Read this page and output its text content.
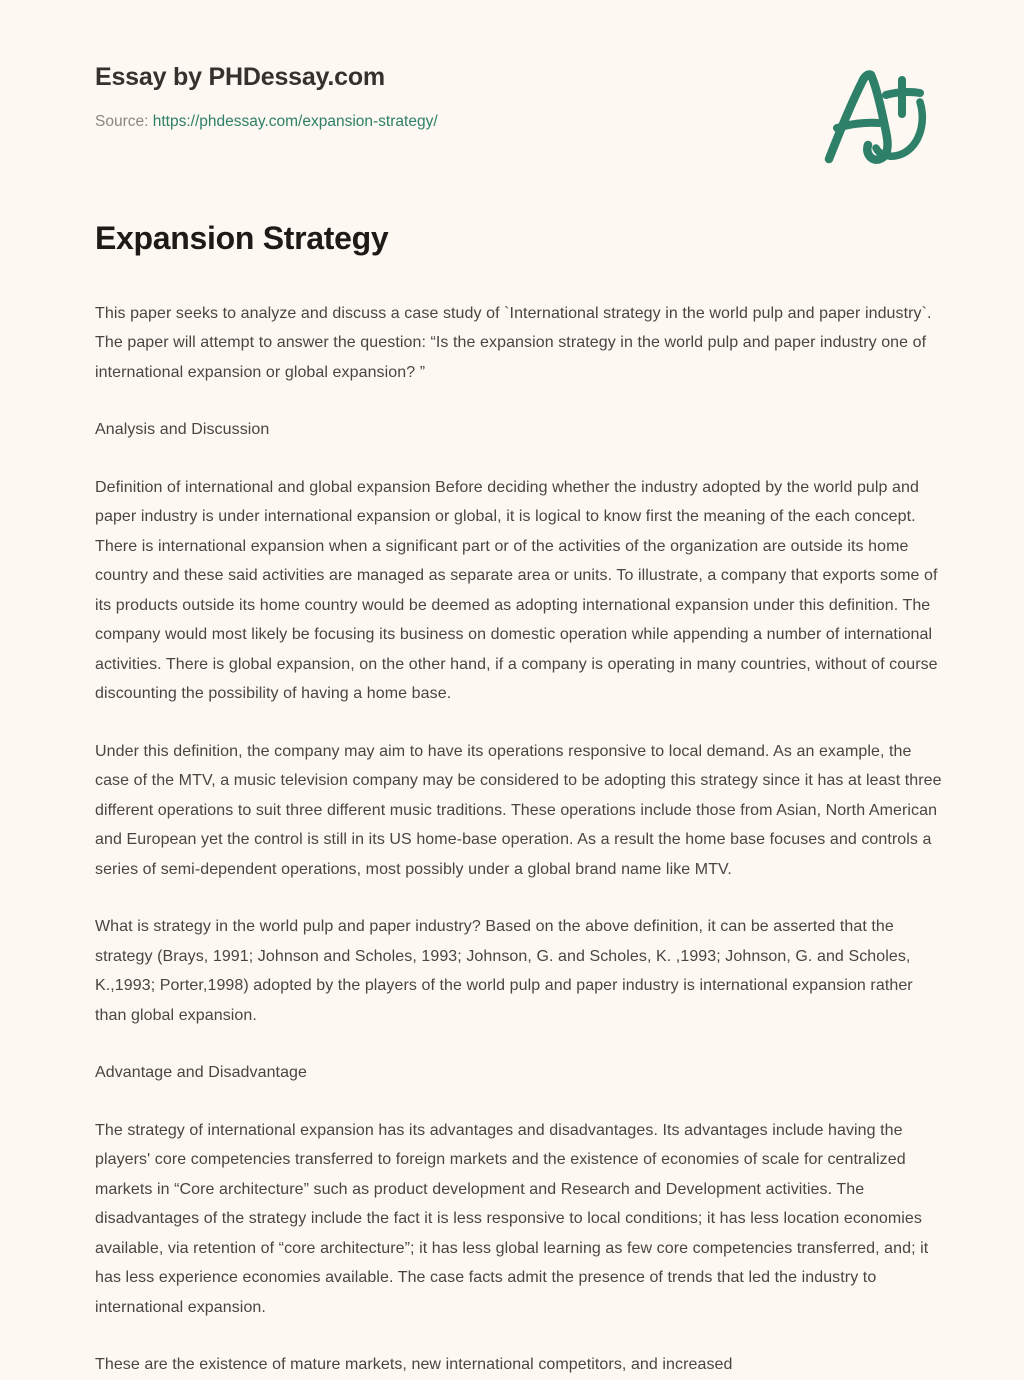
Essay by PHDessay.com
Source: https://phdessay.com/expansion-strategy/
Expansion Strategy

This paper seeks to analyze and discuss a case study of `International strategy in the world pulp and paper industry`. The paper will attempt to answer the question: “Is the expansion strategy in the world pulp and paper industry one of international expansion or global expansion? ”

Analysis and Discussion

Definition of international and global expansion Before deciding whether the industry adopted by the world pulp and paper industry is under international expansion or global, it is logical to know first the meaning of the each concept. There is international expansion when a significant part or of the activities of the organization are outside its home country and these said activities are managed as separate area or units. To illustrate, a company that exports some of its products outside its home country would be deemed as adopting international expansion under this definition. The company would most likely be focusing its business on domestic operation while appending a number of international activities. There is global expansion, on the other hand, if a company is operating in many countries, without of course discounting the possibility of having a home base.

Under this definition, the company may aim to have its operations responsive to local demand. As an example, the case of the MTV, a music television company may be considered to be adopting this strategy since it has at least three different operations to suit three different music traditions. These operations include those from Asian, North American and European yet the control is still in its US home-base operation. As a result the home base focuses and controls a series of semi-dependent operations, most possibly under a global brand name like MTV.

What is strategy in the world pulp and paper industry? Based on the above definition, it can be asserted that the strategy (Brays, 1991; Johnson and Scholes, 1993; Johnson, G. and Scholes, K. ,1993; Johnson, G. and Scholes, K.,1993; Porter,1998) adopted by the players of the world pulp and paper industry is international expansion rather than global expansion.

Advantage and Disadvantage

The strategy of international expansion has its advantages and disadvantages. Its advantages include having the players' core competencies transferred to foreign markets and the existence of economies of scale for centralized markets in “Core architecture” such as product development and Research and Development activities. The disadvantages of the strategy include the fact it is less responsive to local conditions; it has less location economies available, via retention of “core architecture”; it has less global learning as few core competencies transferred, and; it has less experience economies available. The case facts admit the presence of trends that led the industry to international expansion.

These are the existence of mature markets, new international competitors, and increased
